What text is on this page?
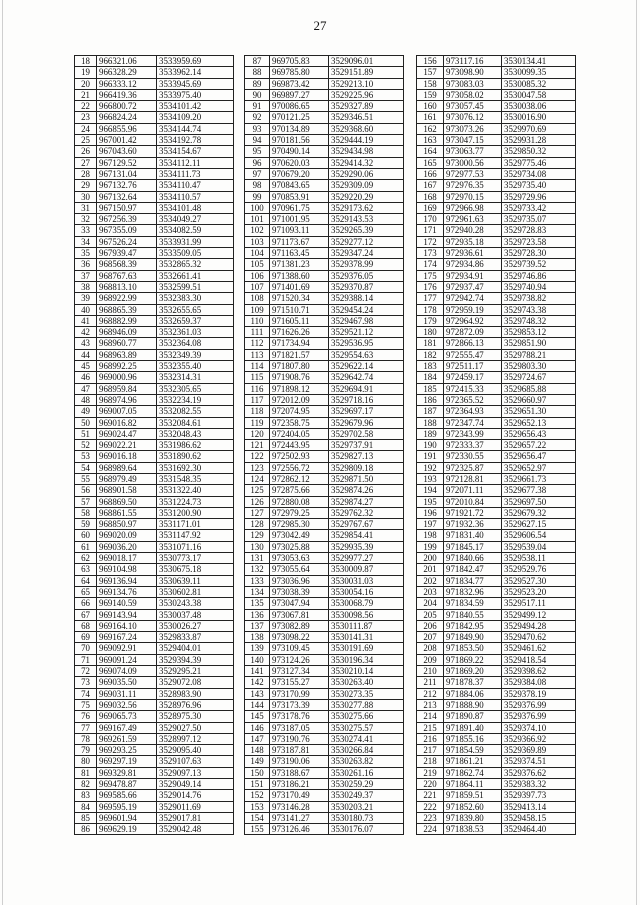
27
18	966321.06	3533959.69
19	966328.29	3533962.14
20	966333.12	3533945.69
21	966419.36	3533975.40
22	966800.72	3534101.42
23	966824.24	3534109.20
24	966855.96	3534144.74
25	967001.42	3534192.78
26	967043.60	3534154.67
27	967129.52	3534112.11
28	967131.04	3534111.73
29	967132.76	3534110.47
30	967132.64	3534110.57
31	967150.97	3534101.48
32	967256.39	3534049.27
33	967355.09	3534082.59
34	967526.24	3533931.99
35	967939.47	3533509.05
36	968568.39	3532865.32
37	968767.63	3532661.41
38	968813.10	3532599.51
39	968922.99	3532383.30
40	968865.39	3532655.65
41	968882.99	3532659.37
42	968946.09	3532361.03
43	968960.77	3532364.08
44	968963.89	3532349.39
45	968992.25	3532355.40
46	969000.96	3532314.31
47	968959.84	3532305.65
48	968974.96	3532234.19
49	969007.05	3532082.55
50	969016.82	3532084.61
51	969024.47	3532048.43
52	969022.21	3531986.62
53	969016.18	3531890.62
54	968989.64	3531692.30
55	968979.49	3531548.35
56	968901.58	3531322.40
57	968869.50	3531224.73
58	968861.55	3531200.90
59	968850.97	3531171.01
60	969020.09	3531147.92
61	969036.20	3531071.16
62	969018.17	3530773.17
63	969104.98	3530675.18
64	969136.94	3530639.11
65	969134.76	3530602.81
66	969140.59	3530243.38
67	969143.94	3530037.48
68	969164.10	3530026.27
69	969167.24	3529833.87
70	969092.91	3529404.01
71	969091.24	3529394.39
72	969074.09	3529295.21
73	969035.50	3529072.08
74	969031.11	3528983.90
75	969032.56	3528976.96
76	969065.73	3528975.30
77	969167.49	3529027.50
78	969261.59	3528997.12
79	969293.25	3529095.40
80	969297.19	3529107.63
81	969329.81	3529097.13
82	969478.87	3529049.14
83	969585.66	3529014.76
84	969595.19	3529011.69
85	969601.94	3529017.81
86	969629.19	3529042.48
87	969705.83	3529096.01
88	969785.80	3529151.89
89	969873.42	3529213.10
90	969897.27	3529225.96
91	970086.65	3529327.89
92	970121.25	3529346.51
93	970134.89	3529368.60
94	970181.56	3529444.19
95	970490.14	3529434.98
96	970620.03	3529414.32
97	970679.20	3529290.06
98	970843.65	3529309.09
99	970853.91	3529220.29
100	970961.75	3529173.62
101	971001.95	3529143.53
102	971093.11	3529265.39
103	971173.67	3529277.12
104	971163.45	3529347.24
105	971381.23	3529378.99
106	971388.60	3529376.05
107	971401.69	3529370.87
108	971520.34	3529388.14
109	971510.71	3529454.24
110	971605.11	3529467.98
111	971626.26	3529521.12
112	971734.94	3529536.95
113	971821.57	3529554.63
114	971807.80	3529622.14
115	971908.76	3529642.74
116	971898.12	3529694.91
117	972012.09	3529718.16
118	972074.95	3529697.17
119	972358.75	3529679.96
120	972404.05	3529702.58
121	972443.95	3529737.91
122	972502.93	3529827.13
123	972556.72	3529809.18
124	972862.12	3529871.50
125	972875.66	3529874.26
126	972880.08	3529874.27
127	972979.25	3529762.32
128	972985.30	3529767.67
129	973042.49	3529854.41
130	973025.88	3529935.39
131	973053.63	3529977.27
132	973055.64	3530009.87
133	973036.96	3530031.03
134	973038.39	3530054.16
135	973047.94	3530068.79
136	973067.81	3530098.56
137	973082.89	3530111.87
138	973098.22	3530141.31
139	973109.45	3530191.69
140	973124.26	3530196.34
141	973127.34	3530210.14
142	973155.27	3530263.40
143	973170.99	3530273.35
144	973173.39	3530277.88
145	973178.76	3530275.66
146	973187.05	3530275.57
147	973190.76	3530274.41
148	973187.81	3530266.84
149	973190.06	3530263.82
150	973188.67	3530261.16
151	973186.21	3530259.29
152	973170.49	3530249.37
153	973146.28	3530203.21
154	973141.27	3530180.73
155	973126.46	3530176.07
156	973117.16	3530134.41
157	973098.90	3530099.35
158	973083.03	3530085.32
159	973058.02	3530047.58
160	973057.45	3530038.06
161	973076.12	3530016.90
162	973073.26	3529970.69
163	973047.15	3529931.28
164	973063.77	3529850.32
165	973000.56	3529775.46
166	972977.53	3529734.08
167	972976.35	3529735.40
168	972970.15	3529729.96
169	972966.98	3529733.42
170	972961.63	3529735.07
171	972940.28	3529728.83
172	972935.18	3529723.58
173	972936.61	3529728.30
174	972934.86	3529739.52
175	972934.91	3529746.86
176	972937.47	3529740.94
177	972942.74	3529738.82
178	972959.19	3529743.38
179	972964.92	3529748.32
180	972872.09	3529853.12
181	972866.13	3529851.90
182	972555.47	3529788.21
183	972511.17	3529803.30
184	972459.17	3529724.67
185	972415.33	3529685.88
186	972365.52	3529660.97
187	972364.93	3529651.30
188	972347.74	3529652.13
189	972343.99	3529656.43
190	972333.37	3529657.22
191	972330.55	3529656.47
192	972325.87	3529652.97
193	972128.81	3529661.73
194	972071.11	3529677.38
195	972010.84	3529697.50
196	971921.72	3529679.32
197	971932.36	3529627.15
198	971831.40	3529606.54
199	971845.17	3529539.04
200	971840.66	3529538.11
201	971842.47	3529529.76
202	971834.77	3529527.30
203	971832.96	3529523.20
204	971834.59	3529517.11
205	971840.55	3529499.12
206	971842.95	3529494.28
207	971849.90	3529470.62
208	971853.50	3529461.62
209	971869.22	3529418.54
210	971869.20	3529398.62
211	971878.37	3529384.08
212	971884.06	3529378.19
213	971888.90	3529376.99
214	971890.87	3529376.99
215	971891.40	3529374.10
216	971855.16	3529366.92
217	971854.59	3529369.89
218	971861.21	3529374.51
219	971862.74	3529376.62
220	971864.11	3529383.32
221	971859.51	3529397.73
222	971852.60	3529413.14
223	971839.80	3529458.15
224	971838.53	3529464.40
